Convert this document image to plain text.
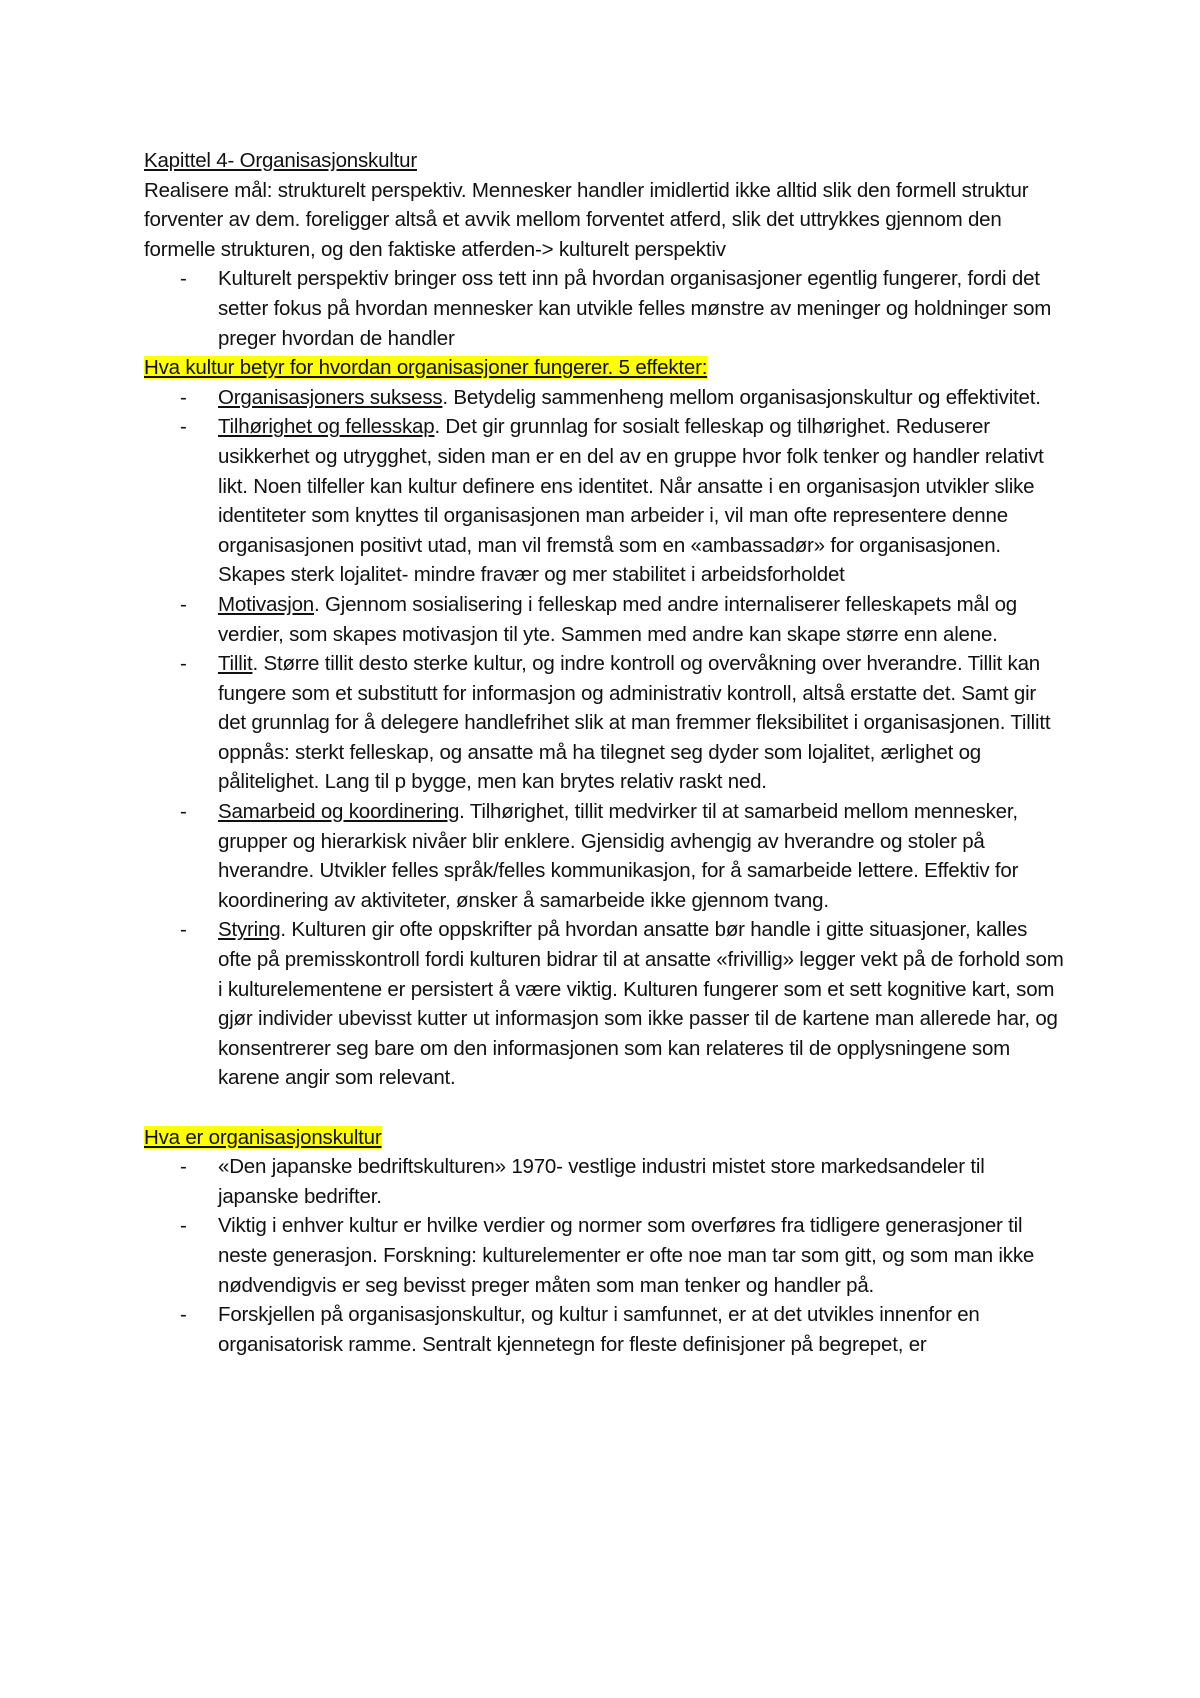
Kapittel 4- Organisasjonskultur

Realisere mål: strukturelt perspektiv. Mennesker handler imidlertid ikke alltid slik den formell struktur forventer av dem. foreligger altså et avvik mellom forventet atferd, slik det uttrykkes gjennom den formelle strukturen, og den faktiske atferden-> kulturelt perspektiv

- Kulturelt perspektiv bringer oss tett inn på hvordan organisasjoner egentlig fungerer, fordi det setter fokus på hvordan mennesker kan utvikle felles mønstre av meninger og holdninger som preger hvordan de handler

Hva kultur betyr for hvordan organisasjoner fungerer. 5 effekter:

- Organisasjoners suksess. Betydelig sammenheng mellom organisasjonskultur og effektivitet.
- Tilhørighet og fellesskap. Det gir grunnlag for sosialt felleskap og tilhørighet. Reduserer usikkerhet og utrygghet, siden man er en del av en gruppe hvor folk tenker og handler relativt likt. Noen tilfeller kan kultur definere ens identitet. Når ansatte i en organisasjon utvikler slike identiteter som knyttes til organisasjonen man arbeider i, vil man ofte representere denne organisasjonen positivt utad, man vil fremstå som en «ambassadør» for organisasjonen. Skapes sterk lojalitet- mindre fravær og mer stabilitet i arbeidsforholdet
- Motivasjon. Gjennom sosialisering i felleskap med andre internaliserer felleskapets mål og verdier, som skapes motivasjon til yte. Sammen med andre kan skape større enn alene.
- Tillit. Større tillit desto sterke kultur, og indre kontroll og overvåkning over hverandre. Tillit kan fungere som et substitutt for informasjon og administrativ kontroll, altså erstatte det. Samt gir det grunnlag for å delegere handlefrihet slik at man fremmer fleksibilitet i organisasjonen. Tillitt oppnås: sterkt felleskap, og ansatte må ha tilegnet seg dyder som lojalitet, ærlighet og pålitelighet. Lang til p bygge, men kan brytes relativ raskt ned.
- Samarbeid og koordinering. Tilhørighet, tillit medvirker til at samarbeid mellom mennesker, grupper og hierarkisk nivåer blir enklere. Gjensidig avhengig av hverandre og stoler på hverandre. Utvikler felles språk/felles kommunikasjon, for å samarbeide lettere. Effektiv for koordinering av aktiviteter, ønsker å samarbeide ikke gjennom tvang.
- Styring. Kulturen gir ofte oppskrifter på hvordan ansatte bør handle i gitte situasjoner, kalles ofte på premisskontroll fordi kulturen bidrar til at ansatte «frivillig» legger vekt på de forhold som i kulturelementene er persistert å være viktig. Kulturen fungerer som et sett kognitive kart, som gjør individer ubevisst kutter ut informasjon som ikke passer til de kartene man allerede har, og konsentrerer seg bare om den informasjonen som kan relateres til de opplysningene som karene angir som relevant.

Hva er organisasjonskultur

- «Den japanske bedriftskulturen» 1970- vestlige industri mistet store markedsandeler til japanske bedrifter.
- Viktig i enhver kultur er hvilke verdier og normer som overføres fra tidligere generasjoner til neste generasjon. Forskning: kulturelementer er ofte noe man tar som gitt, og som man ikke nødvendigvis er seg bevisst preger måten som man tenker og handler på.
- Forskjellen på organisasjonskultur, og kultur i samfunnet, er at det utvikles innenfor en organisatorisk ramme. Sentralt kjennetegn for fleste definisjoner på begrepet, er
